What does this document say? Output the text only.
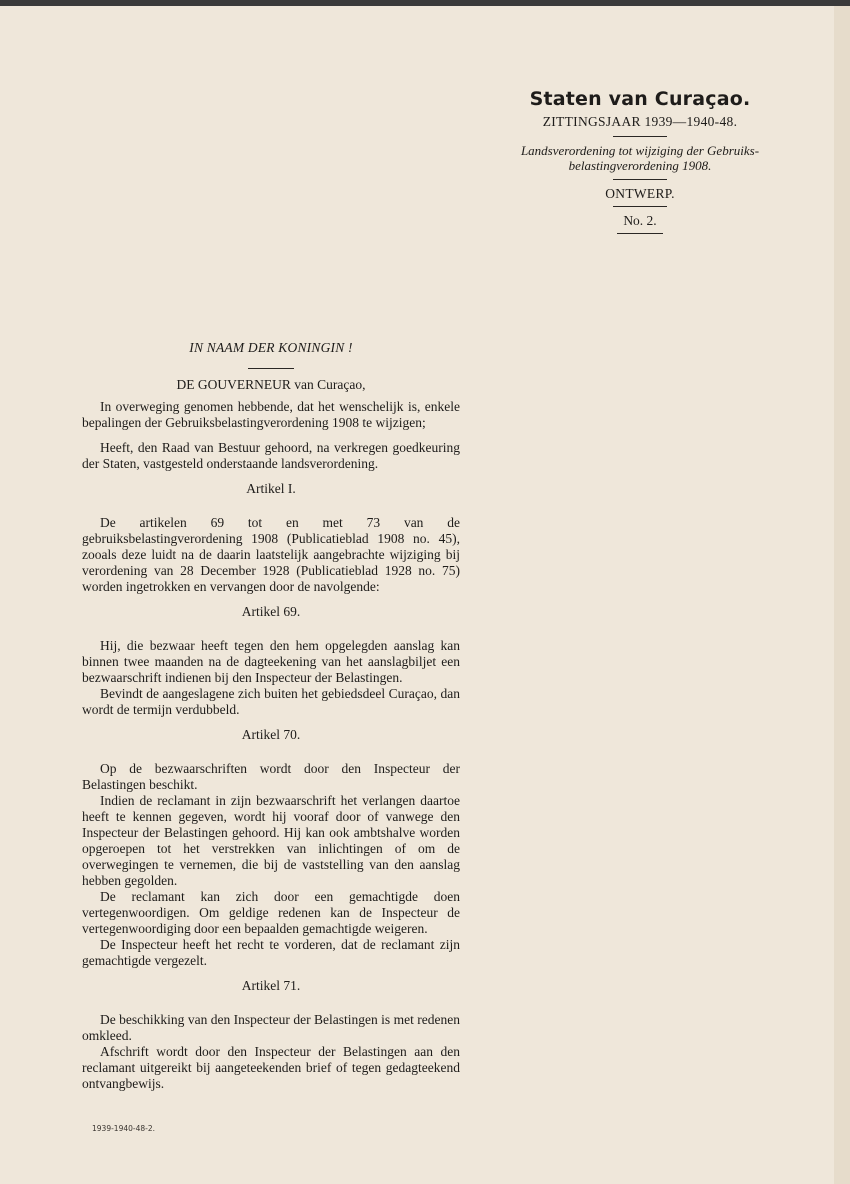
Staten van Curaçao.
ZITTINGSJAAR 1939—1940-48.
Landsverordening tot wijziging der Gebruiks-
belastingverordening 1908.
ONTWERP.
No. 2.
IN NAAM DER KONINGIN !
DE GOUVERNEUR van Curaçao,

In overweging genomen hebbende, dat het wenschelijk is, enkele bepalingen der Gebruiksbelastingverordening 1908 te wijzigen;

Heeft, den Raad van Bestuur gehoord, na verkregen goedkeuring der Staten, vastgesteld onderstaande landsverordening.

Artikel I.

De artikelen 69 tot en met 73 van de gebruiksbelastingverordening 1908 (Publicatieblad 1908 no. 45), zooals deze luidt na de daarin laatstelijk aangebrachte wijziging bij verordening van 28 December 1928 (Publicatieblad 1928 no. 75) worden ingetrokken en vervangen door de navolgende:

Artikel 69.

Hij, die bezwaar heeft tegen den hem opgelegden aanslag kan binnen twee maanden na de dagteekening van het aanslagbiljet een bezwaarschrift indienen bij den Inspecteur der Belastingen.

Bevindt de aangeslagene zich buiten het gebiedsdeel Curaçao, dan wordt de termijn verdubbeld.

Artikel 70.

Op de bezwaarschriften wordt door den Inspecteur der Belastingen beschikt.

Indien de reclamant in zijn bezwaarschrift het verlangen daartoe heeft te kennen gegeven, wordt hij vooraf door of vanwege den Inspecteur der Belastingen gehoord. Hij kan ook ambtshalve worden opgeroepen tot het verstrekken van inlichtingen of om de overwegingen te vernemen, die bij de vaststelling van den aanslag hebben gegolden.

De reclamant kan zich door een gemachtigde doen vertegenwoordigen. Om geldige redenen kan de Inspecteur de vertegenwoordiging door een bepaalden gemachtigde weigeren.

De Inspecteur heeft het recht te vorderen, dat de reclamant zijn gemachtigde vergezelt.

Artikel 71.

De beschikking van den Inspecteur der Belastingen is met redenen omkleed.

Afschrift wordt door den Inspecteur der Belastingen aan den reclamant uitgereikt bij aangeteekenden brief of tegen gedagteekend ontvangbewijs.

1939-1940-48-2.
